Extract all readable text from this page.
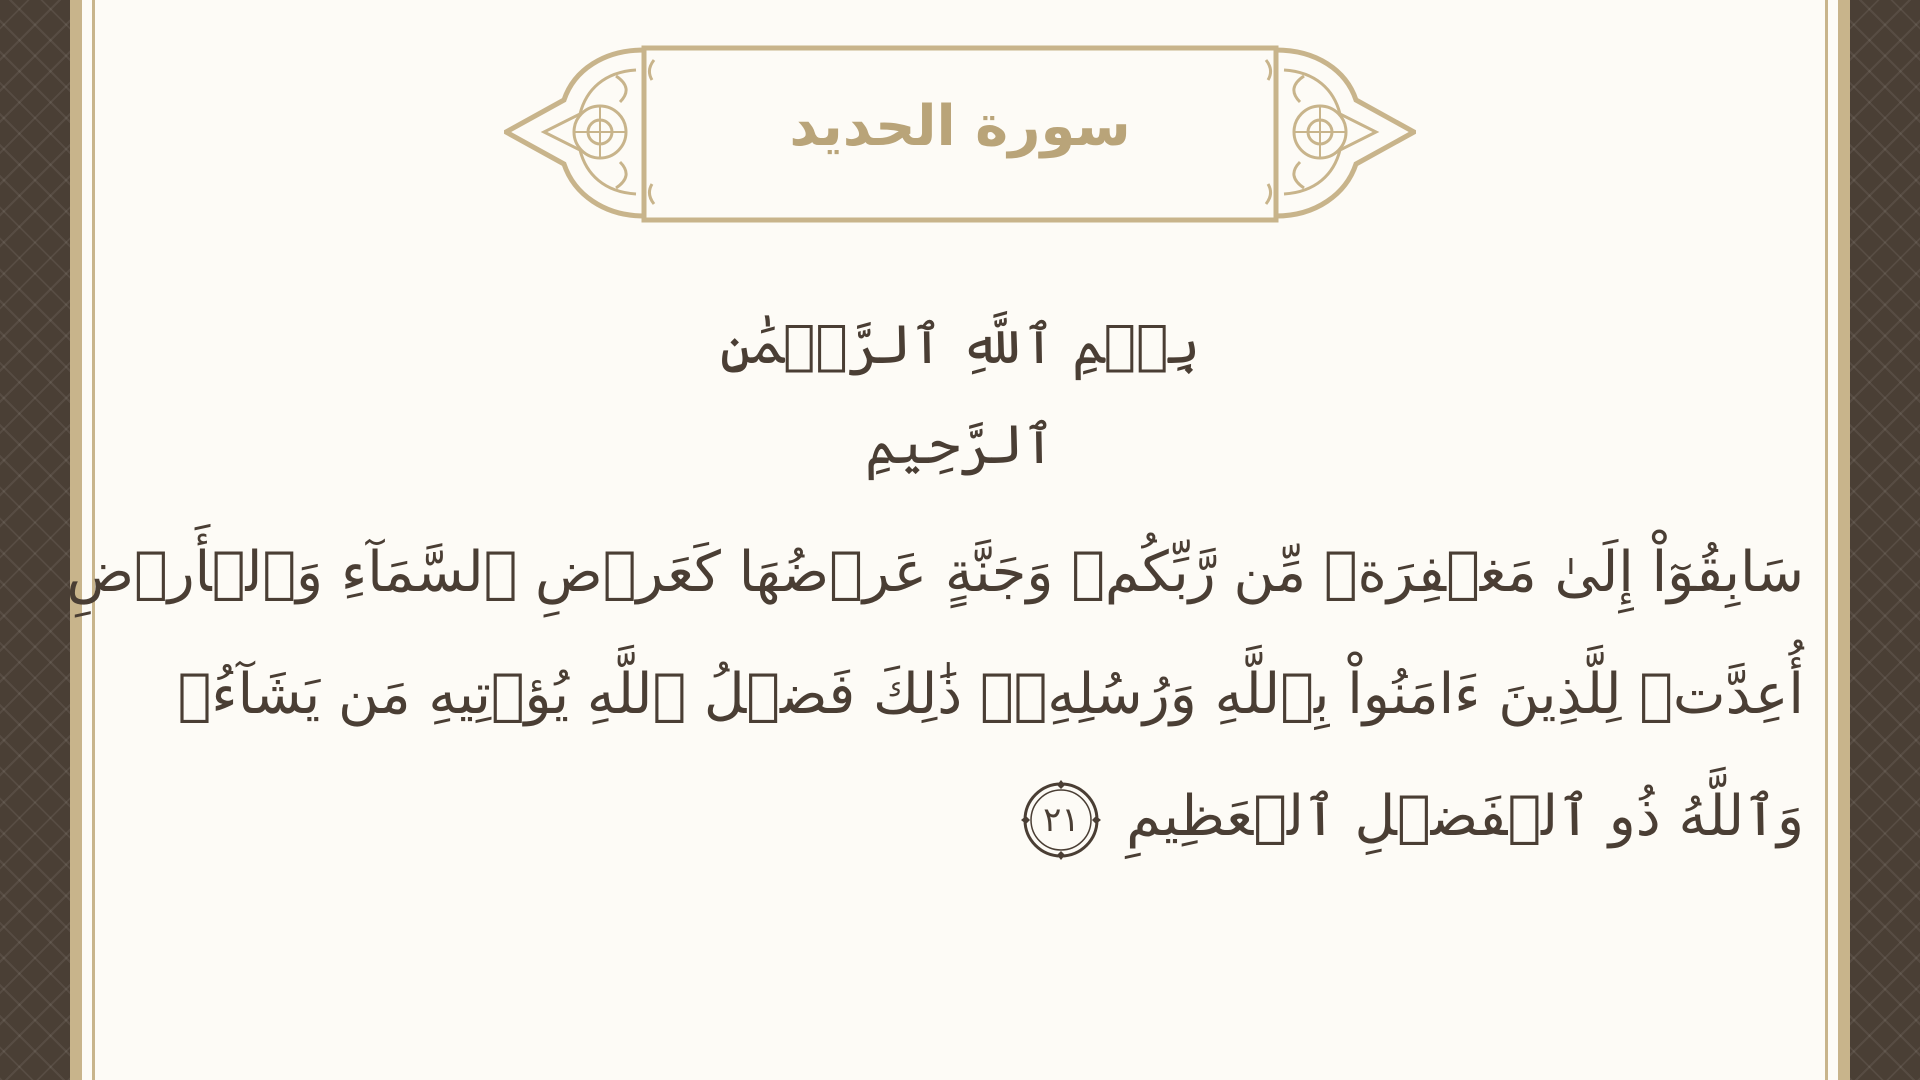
سورة الحديد
بِسۡمِ ٱللَّهِ ٱلرَّحۡمَٰنِ ٱلرَّحِيمِ
سَابِقُوٓاْ إِلَىٰ مَغۡفِرَةٖ مِّن رَّبِّكُمۡ وَجَنَّةٍ عَرۡضُهَا كَعَرۡضِ ٱلسَّمَآءِ وَٱلۡأَرۡضِ
أُعِدَّتۡ لِلَّذِينَ ءَامَنُواْ بِٱللَّهِ وَرُسُلِهِۦۚ ذَٰلِكَ فَضۡلُ ٱللَّهِ يُؤۡتِيهِ مَن يَشَآءُۚ
وَٱللَّهُ ذُو ٱلۡفَضۡلِ ٱلۡعَظِيمِ
٢١
